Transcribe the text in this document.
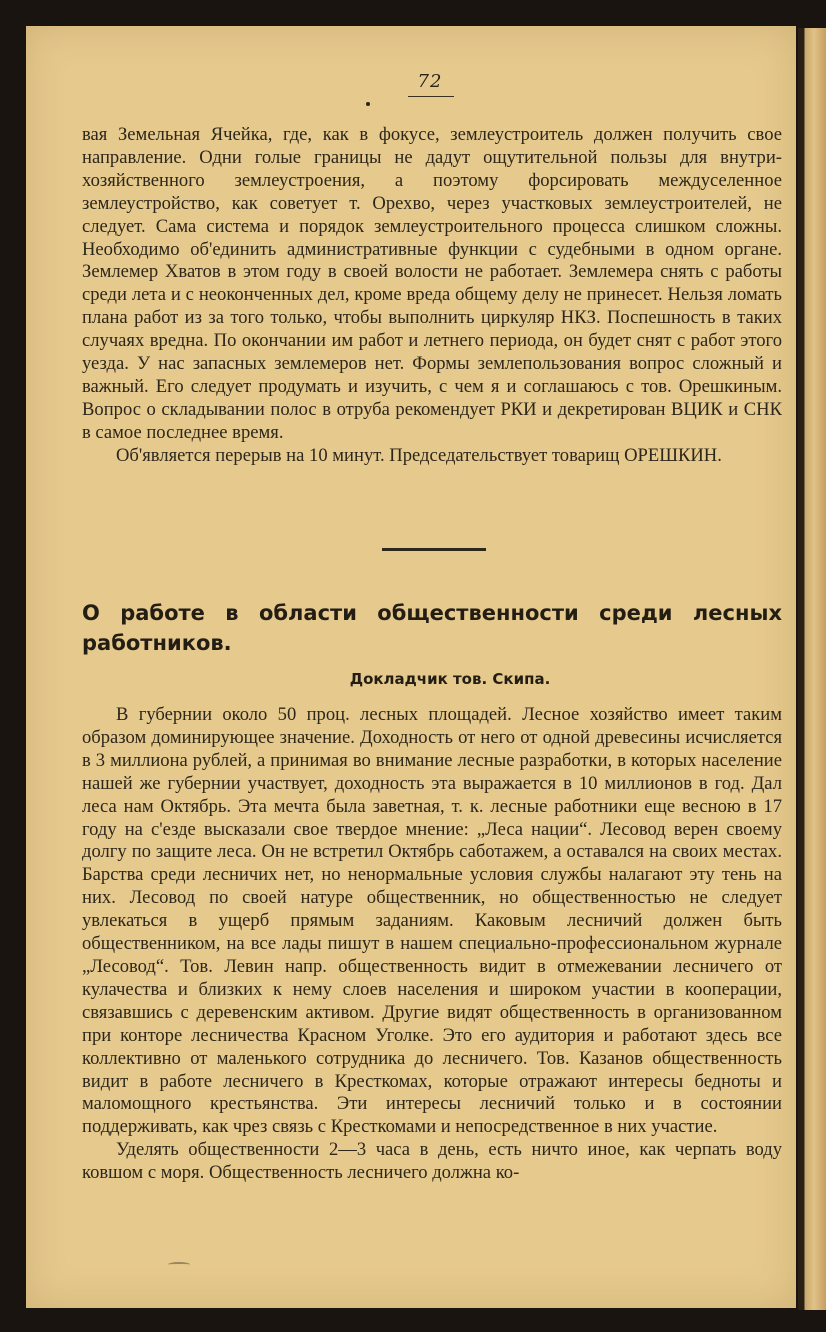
72

вая Земельная Ячейка, где, как в фокусе, землеустроитель должен получить свое направление. Одни голые границы не дадут ощутительной пользы для внутри-хозяйственного землеустроения, а поэтому форсировать междуселенное землеустройство, как советует т. Орехво, через участковых землеустроителей, не следует. Сама система и порядок землеустроительного процесса слишком сложны. Необходимо об'единить административные функции с судебными в одном органе. Землемер Хватов в этом году в своей волости не работает. Землемера снять с работы среди лета и с неоконченных дел, кроме вреда общему делу не принесет. Нельзя ломать плана работ из за того только, чтобы выполнить циркуляр НКЗ. Поспешность в таких случаях вредна. По окончании им работ и летнего периода, он будет снят с работ этого уезда. У нас запасных землемеров нет. Формы землепользования вопрос сложный и важный. Его следует продумать и изучить, с чем я и соглашаюсь с тов. Орешкиным. Вопрос о складывании полос в отруба рекомендует РКИ и декретирован ВЦИК и СНК в самое последнее время.

Об'является перерыв на 10 минут. Председательствует товарищ ОРЕШКИН.

О работе в области общественности среди лесных работников.
Докладчик тов. Скипа.

В губернии около 50 проц. лесных площадей. Лесное хозяйство имеет таким образом доминирующее значение. Доходность от него от одной древесины исчисляется в 3 миллиона рублей, а принимая во внимание лесные разработки, в которых население нашей же губернии участвует, доходность эта выражается в 10 миллионов в год. Дал леса нам Октябрь. Эта мечта была заветная, т. к. лесные работники еще весною в 17 году на с'езде высказали свое твердое мнение: „Леса нации“. Лесовод верен своему долгу по защите леса. Он не встретил Октябрь саботажем, а оставался на своих местах. Барства среди лесничих нет, но ненормальные условия службы налагают эту тень на них. Лесовод по своей натуре общественник, но общественностью не следует увлекаться в ущерб прямым заданиям. Каковым лесничий должен быть общественником, на все лады пишут в нашем специально-профессиональном журнале „Лесовод“. Тов. Левин напр. общественность видит в отмежевании лесничего от кулачества и близких к нему слоев населения и широком участии в кооперации, связавшись с деревенским активом. Другие видят общественность в организованном при конторе лесничества Красном Уголке. Это его аудитория и работают здесь все коллективно от маленького сотрудника до лесничего. Тов. Казанов общественность видит в работе лесничего в Кресткомах, которые отражают интересы бедноты и маломощного крестьянства. Эти интересы лесничий только и в состоянии поддерживать, как чрез связь с Кресткомами и непосредственное в них участие.

Уделять общественности 2—3 часа в день, есть ничто иное, как черпать воду ковшом с моря. Общественность лесничего должна ко-
